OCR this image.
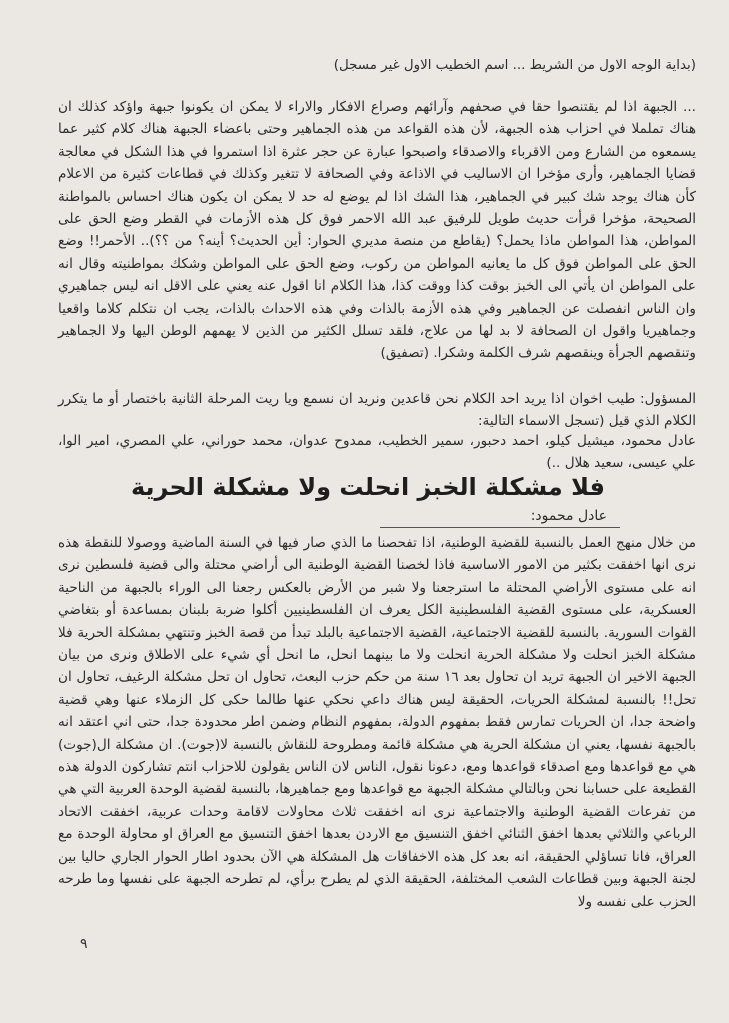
(بداية الوجه الاول من الشريط ... اسم الخطيب الاول غير مسجل)
... الجبهة اذا لم يقتنصوا حقا في صحفهم وآرائهم وصراع الافكار والاراء لا يمكن ان يكونوا جبهة واؤكد كذلك ان هناك تململا في احزاب هذه الجبهة، لأن هذه القواعد من هذه الجماهير وحتى باعضاء الجبهة هناك كلام كثير عما يسمعوه من الشارع ومن الاقرباء والاصدقاء واصبحوا عبارة عن حجر عثرة اذا استمروا في هذا الشكل في معالجة قضايا الجماهير، وأرى مؤخرا ان الاساليب في الاذاعة وفي الصحافة لا تتغير وكذلك في قطاعات كثيرة من الاعلام كأن هناك يوجد شك كبير في الجماهير، هذا الشك اذا لم يوضع له حد لا يمكن ان يكون هناك احساس بالمواطنة الصحيحة، مؤخرا قرأت حديث طويل للرفيق عبد الله الاحمر فوق كل هذه الأزمات في القطر وضع الحق على المواطن، هذا المواطن ماذا يحمل؟ (يقاطع من منصة مديري الحوار: أين الحديث؟ أينه؟ من ؟؟).. الأحمر!! وضع الحق على المواطن فوق كل ما يعانيه المواطن من ركوب، وضع الحق على المواطن وشكك بمواطنيته وقال انه على المواطن ان يأتي الى الخبز بوقت كذا ووقت كذا، هذا الكلام انا اقول عنه يعني على الاقل انه ليس جماهيري وان الناس انفصلت عن الجماهير وفي هذه الأزمة بالذات وفي هذه الاحداث بالذات، يجب ان نتكلم كلاما واقعيا وجماهيريا واقول ان الصحافة لا بد لها من علاج، فلقد تسلل الكثير من الذين لا يهمهم الوطن اليها ولا الجماهير وتنقصهم الجرأة وينقصهم شرف الكلمة وشكرا. (تصفيق)
المسؤول: طيب اخوان اذا يريد احد الكلام نحن قاعدين ونريد ان نسمع ويا ريت المرحلة الثانية باختصار أو ما يتكرر الكلام الذي قيل (تسجل الاسماء التالية:
عادل محمود، ميشيل كيلو، احمد دحبور، سمير الخطيب، ممدوح عدوان، محمد حوراني، علي المصري، امير الوا، علي عيسى، سعيد هلال ..)
فلا مشكلة الخبز انحلت ولا مشكلة الحرية
عادل محمود:
من خلال منهج العمل بالنسبة للقضية الوطنية، اذا تفحصنا ما الذي صار فيها في السنة الماضية ووصولا للنقطة هذه نرى انها اخفقت بكثير من الامور الاساسية فاذا لخصنا القضية الوطنية الى أراضي محتلة والى قضية فلسطين نرى انه على مستوى الأراضي المحتلة ما استرجعنا ولا شبر من الأرض بالعكس رجعنا الى الوراء بالجبهة من الناحية العسكرية، على مستوى القضية الفلسطينية الكل يعرف ان الفلسطينيين أكلوا ضربة بلبنان بمساعدة أو بتغاضي القوات السورية. بالنسبة للقضية الاجتماعية، القضية الاجتماعية بالبلد تبدأ من قصة الخبز وتنتهي بمشكلة الحرية فلا مشكلة الخبز انحلت ولا مشكلة الحرية انحلت ولا ما بينهما انحل، ما انحل أي شيء على الاطلاق ونرى من بيان الجبهة الاخير ان الجبهة تريد ان تحاول بعد ١٦ سنة من حكم حزب البعث، تحاول ان تحل مشكلة الرغيف، تحاول ان تحل!! بالنسبة لمشكلة الحريات، الحقيقة ليس هناك داعي نحكي عنها طالما حكى كل الزملاء عنها وهي قضية واضحة جدا، ان الحريات تمارس فقط بمفهوم الدولة، بمفهوم النظام وضمن اطر محدودة جدا، حتى اني اعتقد انه بالجبهة نفسها، يعني ان مشكلة الحرية هي مشكلة قائمة ومطروحة للنقاش بالنسبة لا(جوت). ان مشكلة ال(جوت) هي مع قواعدها ومع اصدقاء قواعدها ومع، دعونا نقول، الناس لان الناس يقولون للاحزاب انتم تشاركون الدولة هذه القطيعة على حسابنا نحن وبالتالي مشكلة الجبهة مع قواعدها ومع جماهيرها، بالنسبة لقضية الوحدة العربية التي هي من تفرعات القضية الوطنية والاجتماعية نرى انه اخفقت ثلاث محاولات لاقامة وحدات عربية، اخفقت الاتحاد الرباعي والثلاثي بعدها اخفق الثنائي اخفق التنسيق مع الاردن بعدها اخفق التنسيق مع العراق او محاولة الوحدة مع العراق، فانا تساؤلي الحقيقة، انه بعد كل هذه الاخفاقات هل المشكلة هي الآن بحدود اطار الحوار الجاري حاليا بين لجنة الجبهة وبين قطاعات الشعب المختلفة، الحقيقة الذي لم يطرح برأي، لم تطرحه الجبهة على نفسها وما طرحه الحزب على نفسه ولا
٩
